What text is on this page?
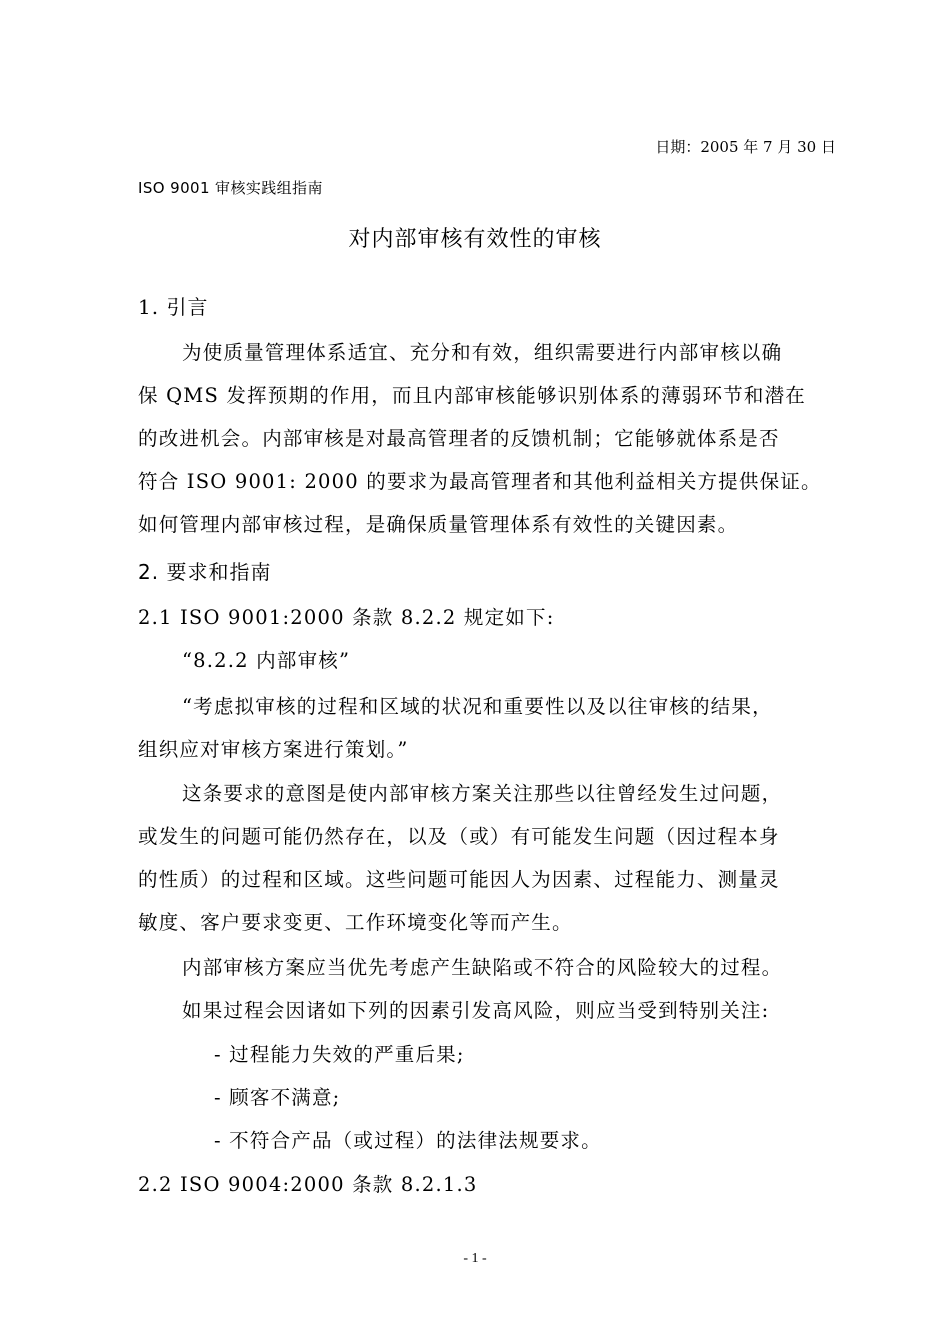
日期：2005 年 7 月 30 日
ISO 9001 审核实践组指南
对内部审核有效性的审核
1. 引言
为使质量管理体系适宜、充分和有效，组织需要进行内部审核以确
保 QMS 发挥预期的作用，而且内部审核能够识别体系的薄弱环节和潜在
的改进机会。内部审核是对最高管理者的反馈机制；它能够就体系是否
符合 ISO 9001: 2000 的要求为最高管理者和其他利益相关方提供保证。
如何管理内部审核过程，是确保质量管理体系有效性的关键因素。
2. 要求和指南
2.1 ISO 9001:2000 条款 8.2.2 规定如下:
“8.2.2 内部审核”
“考虑拟审核的过程和区域的状况和重要性以及以往审核的结果，
组织应对审核方案进行策划。”
这条要求的意图是使内部审核方案关注那些以往曾经发生过问题，
或发生的问题可能仍然存在，以及（或）有可能发生问题（因过程本身
的性质）的过程和区域。这些问题可能因人为因素、过程能力、测量灵
敏度、客户要求变更、工作环境变化等而产生。
内部审核方案应当优先考虑产生缺陷或不符合的风险较大的过程。
如果过程会因诸如下列的因素引发高风险，则应当受到特别关注:
- 过程能力失效的严重后果;
- 顾客不满意;
- 不符合产品（或过程）的法律法规要求。
2.2 ISO 9004:2000 条款 8.2.1.3
- 1 -
